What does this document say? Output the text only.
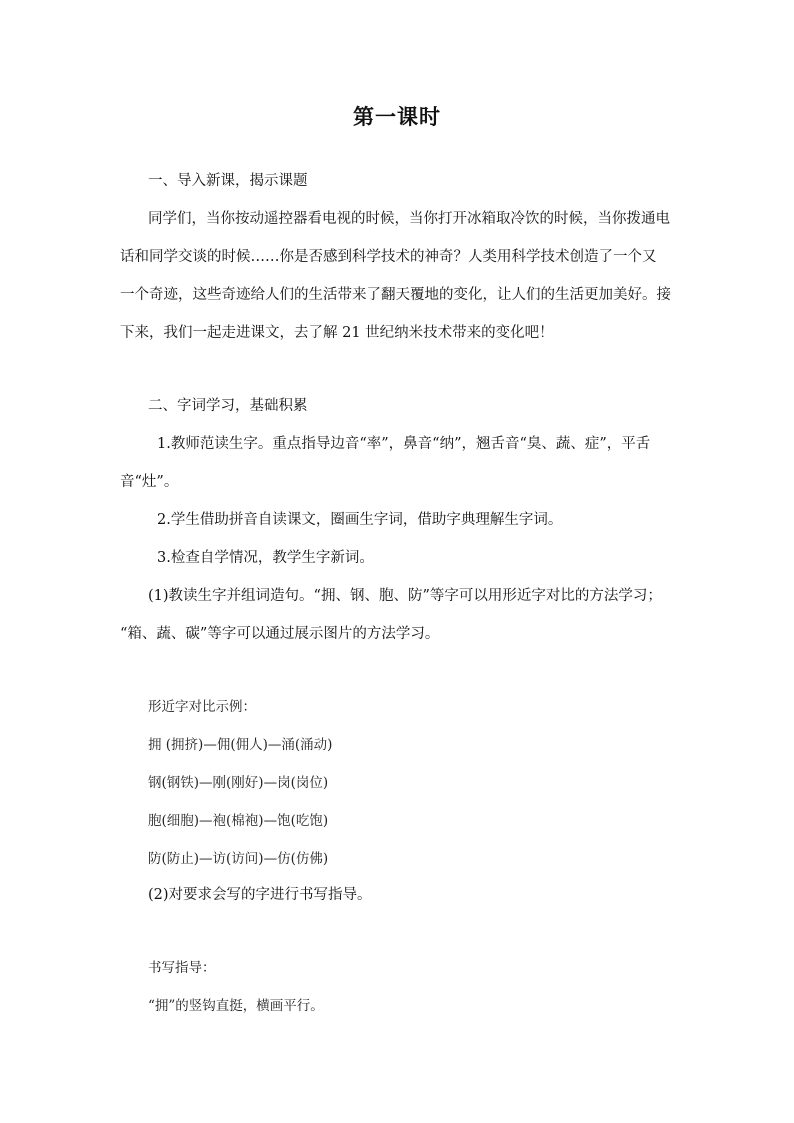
第一课时

一、导入新课，揭示课题

同学们，当你按动遥控器看电视的时候，当你打开冰箱取冷饮的时候，当你拨通电

话和同学交谈的时候……你是否感到科学技术的神奇？人类用科学技术创造了一个又

一个奇迹，这些奇迹给人们的生活带来了翻天覆地的变化，让人们的生活更加美好。接

下来，我们一起走进课文，去了解 21 世纪纳米技术带来的变化吧！

二、字词学习，基础积累

1.教师范读生字。重点指导边音“率”，鼻音“纳”，翘舌音“臭、蔬、症”，平舌

音“灶”。

2.学生借助拼音自读课文，圈画生字词，借助字典理解生字词。

3.检查自学情况，教学生字新词。

(1)教读生字并组词造句。“拥、钢、胞、防”等字可以用形近字对比的方法学习；

“箱、蔬、碳”等字可以通过展示图片的方法学习。

形近字对比示例：

拥 (拥挤)—佣(佣人)—涌(涌动)

钢(钢铁)—刚(刚好)—岗(岗位)

胞(细胞)—袍(棉袍)—饱(吃饱)

防(防止)—访(访问)—仿(仿佛)

(2)对要求会写的字进行书写指导。

书写指导：

“拥”的竖钩直挺，横画平行。
